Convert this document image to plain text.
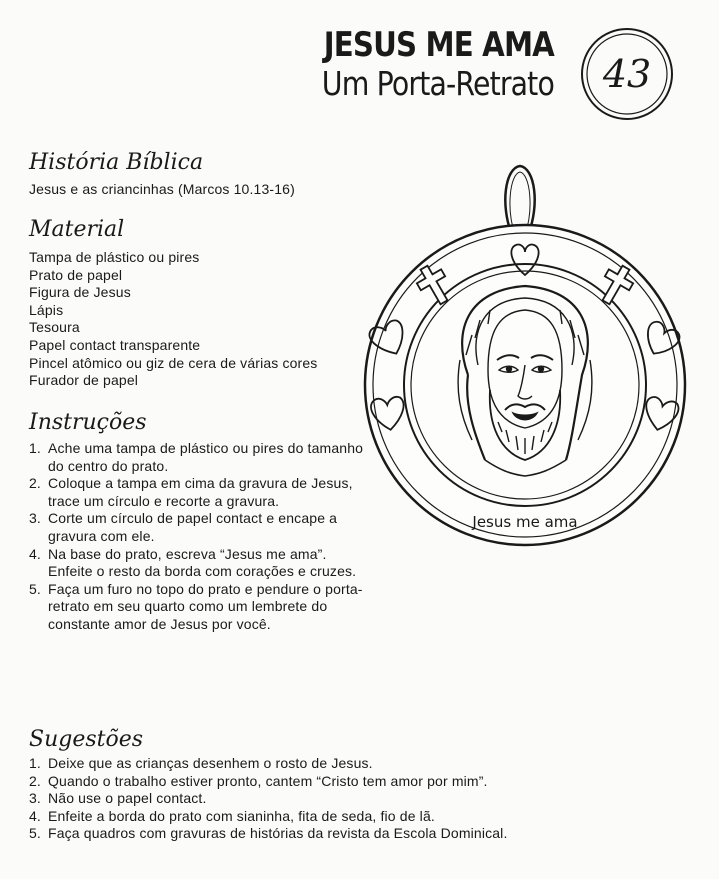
JESUS ME AMA
Um Porta-Retrato 43
História Bíblica
Jesus e as criancinhas (Marcos 10.13-16)
Material
Tampa de plástico ou pires
Prato de papel
Figura de Jesus
Lápis
Tesoura
Papel contact transparente
Pincel atômico ou giz de cera de várias cores
Furador de papel
Instruções
1. Ache uma tampa de plástico ou pires do tamanho do centro do prato.
2. Coloque a tampa em cima da gravura de Jesus, trace um círculo e recorte a gravura.
3. Corte um círculo de papel contact e encape a gravura com ele.
4. Na base do prato, escreva “Jesus me ama”. Enfeite o resto da borda com corações e cruzes.
5. Faça um furo no topo do prato e pendure o porta-retrato em seu quarto como um lembrete do constante amor de Jesus por você.
Jesus me ama
Sugestões
1. Deixe que as crianças desenhem o rosto de Jesus.
2. Quando o trabalho estiver pronto, cantem “Cristo tem amor por mim”.
3. Não use o papel contact.
4. Enfeite a borda do prato com sianinha, fita de seda, fio de lã.
5. Faça quadros com gravuras de histórias da revista da Escola Dominical.
